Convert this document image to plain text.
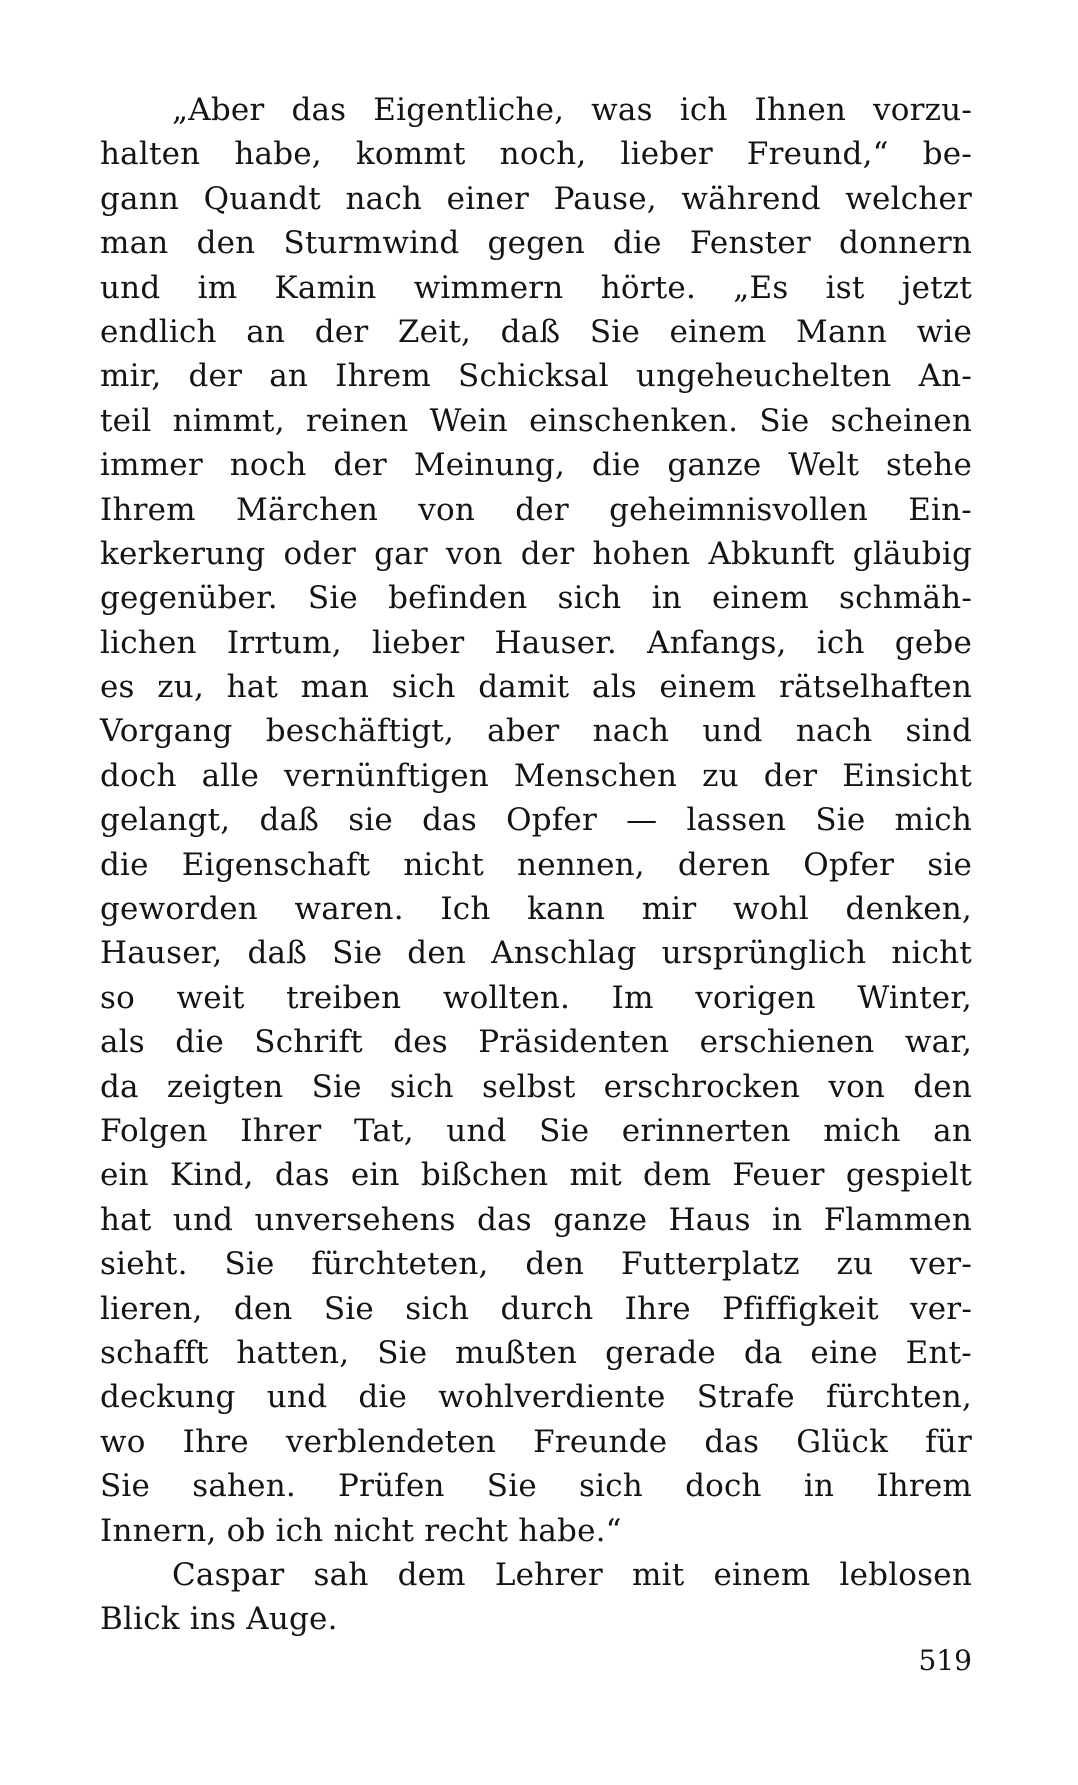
„Aber das Eigentliche, was ich Ihnen vorzu-
halten habe, kommt noch, lieber Freund,“ be-
gann Quandt nach einer Pause, während welcher
man den Sturmwind gegen die Fenster donnern
und im Kamin wimmern hörte. „Es ist jetzt
endlich an der Zeit, daß Sie einem Mann wie
mir, der an Ihrem Schicksal ungeheuchelten An-
teil nimmt, reinen Wein einschenken. Sie scheinen
immer noch der Meinung, die ganze Welt stehe
Ihrem Märchen von der geheimnisvollen Ein-
kerkerung oder gar von der hohen Abkunft gläubig
gegenüber. Sie befinden sich in einem schmäh-
lichen Irrtum, lieber Hauser. Anfangs, ich gebe
es zu, hat man sich damit als einem rätselhaften
Vorgang beschäftigt, aber nach und nach sind
doch alle vernünftigen Menschen zu der Einsicht
gelangt, daß sie das Opfer — lassen Sie mich
die Eigenschaft nicht nennen, deren Opfer sie
geworden waren. Ich kann mir wohl denken,
Hauser, daß Sie den Anschlag ursprünglich nicht
so weit treiben wollten. Im vorigen Winter,
als die Schrift des Präsidenten erschienen war,
da zeigten Sie sich selbst erschrocken von den
Folgen Ihrer Tat, und Sie erinnerten mich an
ein Kind, das ein bißchen mit dem Feuer gespielt
hat und unversehens das ganze Haus in Flammen
sieht. Sie fürchteten, den Futterplatz zu ver-
lieren, den Sie sich durch Ihre Pfiffigkeit ver-
schafft hatten, Sie mußten gerade da eine Ent-
deckung und die wohlverdiente Strafe fürchten,
wo Ihre verblendeten Freunde das Glück für
Sie sahen. Prüfen Sie sich doch in Ihrem
Innern, ob ich nicht recht habe.“
Caspar sah dem Lehrer mit einem leblosen
Blick ins Auge.
519
